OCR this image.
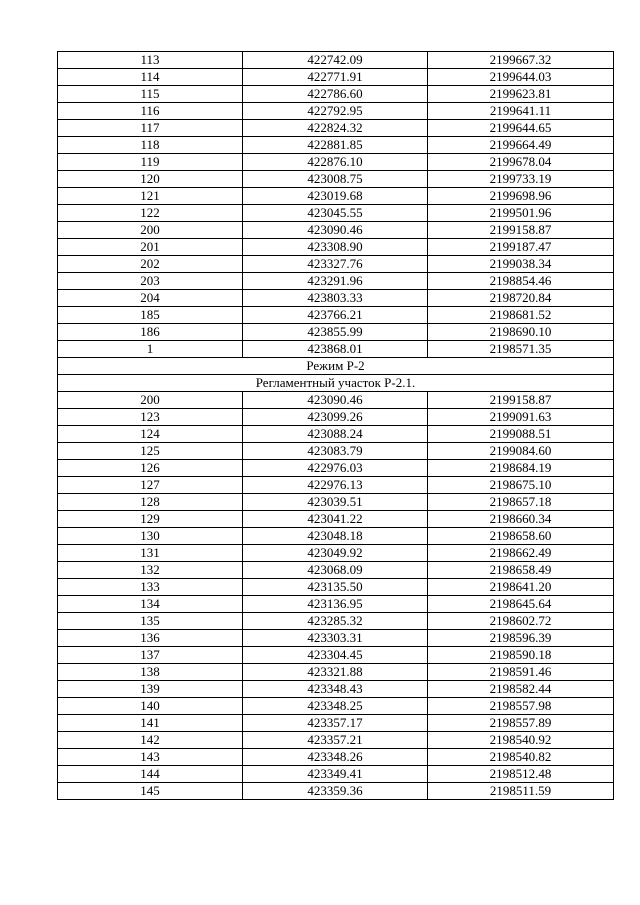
113	422742.09	2199667.32
114	422771.91	2199644.03
115	422786.60	2199623.81
116	422792.95	2199641.11
117	422824.32	2199644.65
118	422881.85	2199664.49
119	422876.10	2199678.04
120	423008.75	2199733.19
121	423019.68	2199698.96
122	423045.55	2199501.96
200	423090.46	2199158.87
201	423308.90	2199187.47
202	423327.76	2199038.34
203	423291.96	2198854.46
204	423803.33	2198720.84
185	423766.21	2198681.52
186	423855.99	2198690.10
1	423868.01	2198571.35
Режим Р-2		
Регламентный участок Р-2.1.		
200	423090.46	2199158.87
123	423099.26	2199091.63
124	423088.24	2199088.51
125	423083.79	2199084.60
126	422976.03	2198684.19
127	422976.13	2198675.10
128	423039.51	2198657.18
129	423041.22	2198660.34
130	423048.18	2198658.60
131	423049.92	2198662.49
132	423068.09	2198658.49
133	423135.50	2198641.20
134	423136.95	2198645.64
135	423285.32	2198602.72
136	423303.31	2198596.39
137	423304.45	2198590.18
138	423321.88	2198591.46
139	423348.43	2198582.44
140	423348.25	2198557.98
141	423357.17	2198557.89
142	423357.21	2198540.92
143	423348.26	2198540.82
144	423349.41	2198512.48
145	423359.36	2198511.59
